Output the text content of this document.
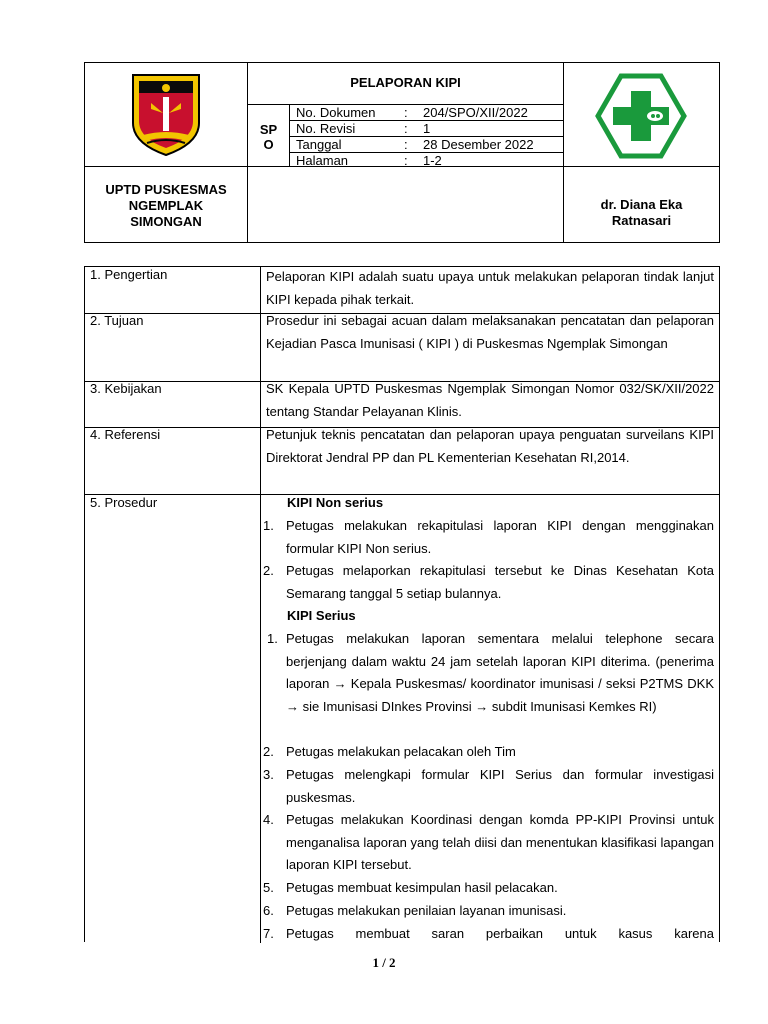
PELAPORAN KIPI
SP
O
No. Dokumen : 204/SPO/XII/2022
No. Revisi	: 1
Tanggal	: 28 Desember 2022
Halaman	: 1-2
UPTD PUSKESMAS
NGEMPLAK
SIMONGAN
dr. Diana Eka
Ratnasari
1. Pengertian	Pelaporan KIPI adalah suatu upaya untuk melakukan pelaporan tindak lanjut KIPI kepada pihak terkait.
2. Tujuan	Prosedur ini sebagai acuan dalam melaksanakan pencatatan dan pelaporan Kejadian Pasca Imunisasi ( KIPI ) di Puskesmas Ngemplak Simongan
3. Kebijakan	SK Kepala UPTD Puskesmas Ngemplak Simongan Nomor 032/SK/XII/2022 tentang Standar Pelayanan Klinis.
4. Referensi	Petunjuk teknis pencatatan dan pelaporan upaya penguatan surveilans KIPI Direktorat Jendral PP dan PL Kementerian Kesehatan RI,2014.
5. Prosedur	KIPI Non serius
1. Petugas melakukan rekapitulasi laporan KIPI dengan mengginakan formular KIPI Non serius.
2. Petugas melaporkan rekapitulasi tersebut ke Dinas Kesehatan Kota Semarang tanggal 5 setiap bulannya.
KIPI Serius
1. Petugas melakukan laporan sementara melalui telephone secara berjenjang dalam waktu 24 jam setelah laporan KIPI diterima. (penerima laporan → Kepala Puskesmas/ koordinator imunisasi / seksi P2TMS DKK → sie Imunisasi DInkes Provinsi → subdit Imunisasi Kemkes RI)
2. Petugas melakukan pelacakan oleh Tim
3. Petugas melengkapi formular KIPI Serius dan formular investigasi puskesmas.
4. Petugas melakukan Koordinasi dengan komda PP-KIPI Provinsi untuk menganalisa laporan yang telah diisi dan menentukan klasifikasi lapangan laporan KIPI tersebut.
5. Petugas membuat kesimpulan hasil pelacakan.
6. Petugas melakukan penilaian layanan imunisasi.
7. Petugas membuat saran perbaikan untuk kasus karena
1 / 2
